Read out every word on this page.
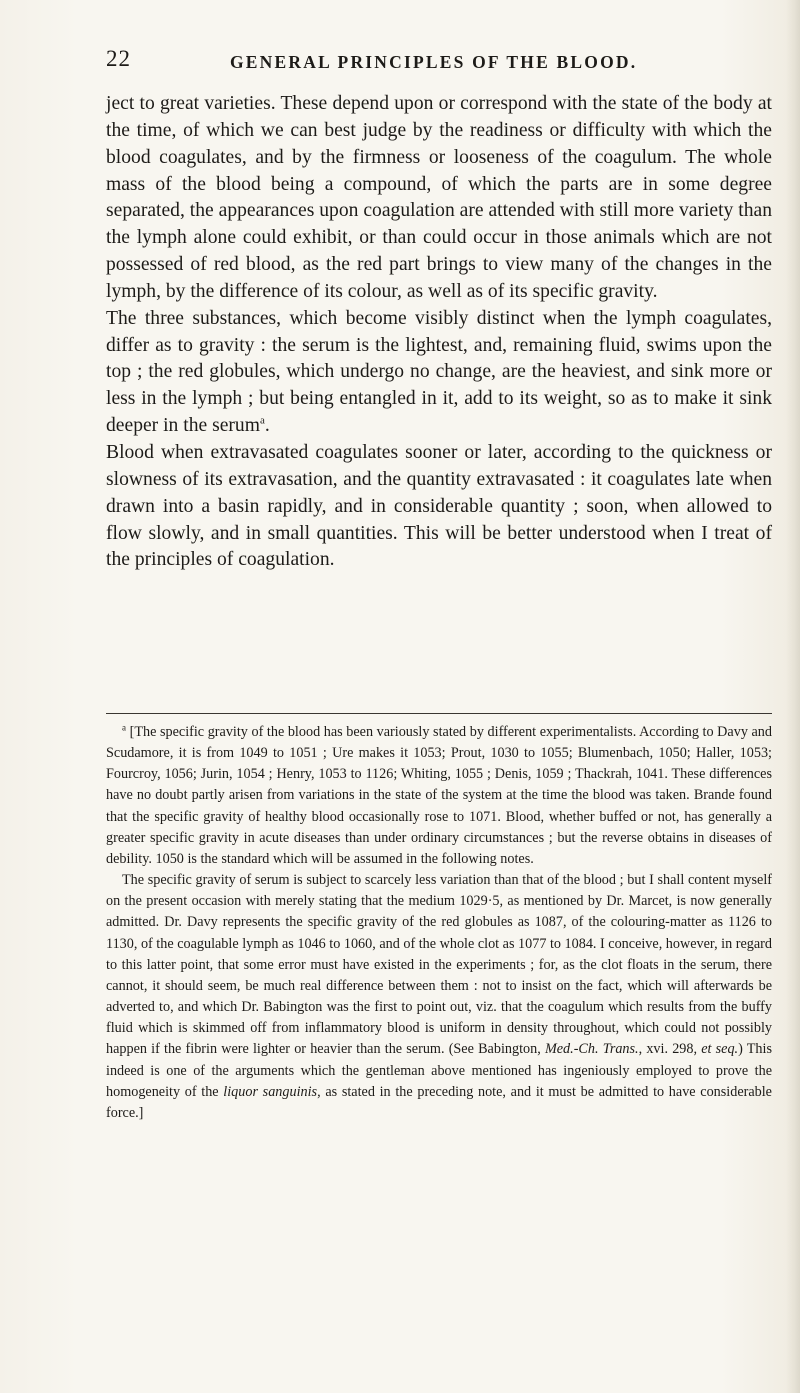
22	GENERAL PRINCIPLES OF THE BLOOD.

ject to great varieties. These depend upon or correspond with the state of the body at the time, of which we can best judge by the readiness or difficulty with which the blood coagulates, and by the firmness or looseness of the coagulum. The whole mass of the blood being a compound, of which the parts are in some degree separated, the appearances upon coagulation are attended with still more variety than the lymph alone could exhibit, or than could occur in those animals which are not possessed of red blood, as the red part brings to view many of the changes in the lymph, by the difference of its colour, as well as of its specific gravity.

The three substances, which become visibly distinct when the lymph coagulates, differ as to gravity : the serum is the lightest, and, remaining fluid, swims upon the top ; the red globules, which undergo no change, are the heaviest, and sink more or less in the lymph ; but being entangled in it, add to its weight, so as to make it sink deeper in the serum$^a$.

Blood when extravasated coagulates sooner or later, according to the quickness or slowness of its extravasation, and the quantity extravasated : it coagulates late when drawn into a basin rapidly, and in considerable quantity ; soon, when allowed to flow slowly, and in small quantities. This will be better understood when I treat of the principles of coagulation.

$^a$ [The specific gravity of the blood has been variously stated by different experimentalists. According to Davy and Scudamore, it is from 1049 to 1051 ; Ure makes it 1053; Prout, 1030 to 1055; Blumenbach, 1050; Haller, 1053; Fourcroy, 1056; Jurin, 1054 ; Henry, 1053 to 1126; Whiting, 1055 ; Denis, 1059 ; Thackrah, 1041. These differences have no doubt partly arisen from variations in the state of the system at the time the blood was taken. Brande found that the specific gravity of healthy blood occasionally rose to 1071. Blood, whether buffed or not, has generally a greater specific gravity in acute diseases than under ordinary circumstances ; but the reverse obtains in diseases of debility. 1050 is the standard which will be assumed in the following notes.

The specific gravity of serum is subject to scarcely less variation than that of the blood ; but I shall content myself on the present occasion with merely stating that the medium 1029·5, as mentioned by Dr. Marcet, is now generally admitted. Dr. Davy represents the specific gravity of the red globules as 1087, of the colouring-matter as 1126 to 1130, of the coagulable lymph as 1046 to 1060, and of the whole clot as 1077 to 1084. I conceive, however, in regard to this latter point, that some error must have existed in the experiments ; for, as the clot floats in the serum, there cannot, it should seem, be much real difference between them : not to insist on the fact, which will afterwards be adverted to, and which Dr. Babington was the first to point out, viz. that the coagulum which results from the buffy fluid which is skimmed off from inflammatory blood is uniform in density throughout, which could not possibly happen if the fibrin were lighter or heavier than the serum. (See Babington, Med.-Ch. Trans., xvi. 298, et seq.) This indeed is one of the arguments which the gentleman above mentioned has ingeniously employed to prove the homogeneity of the liquor sanguinis, as stated in the preceding note, and it must be admitted to have considerable force.]
